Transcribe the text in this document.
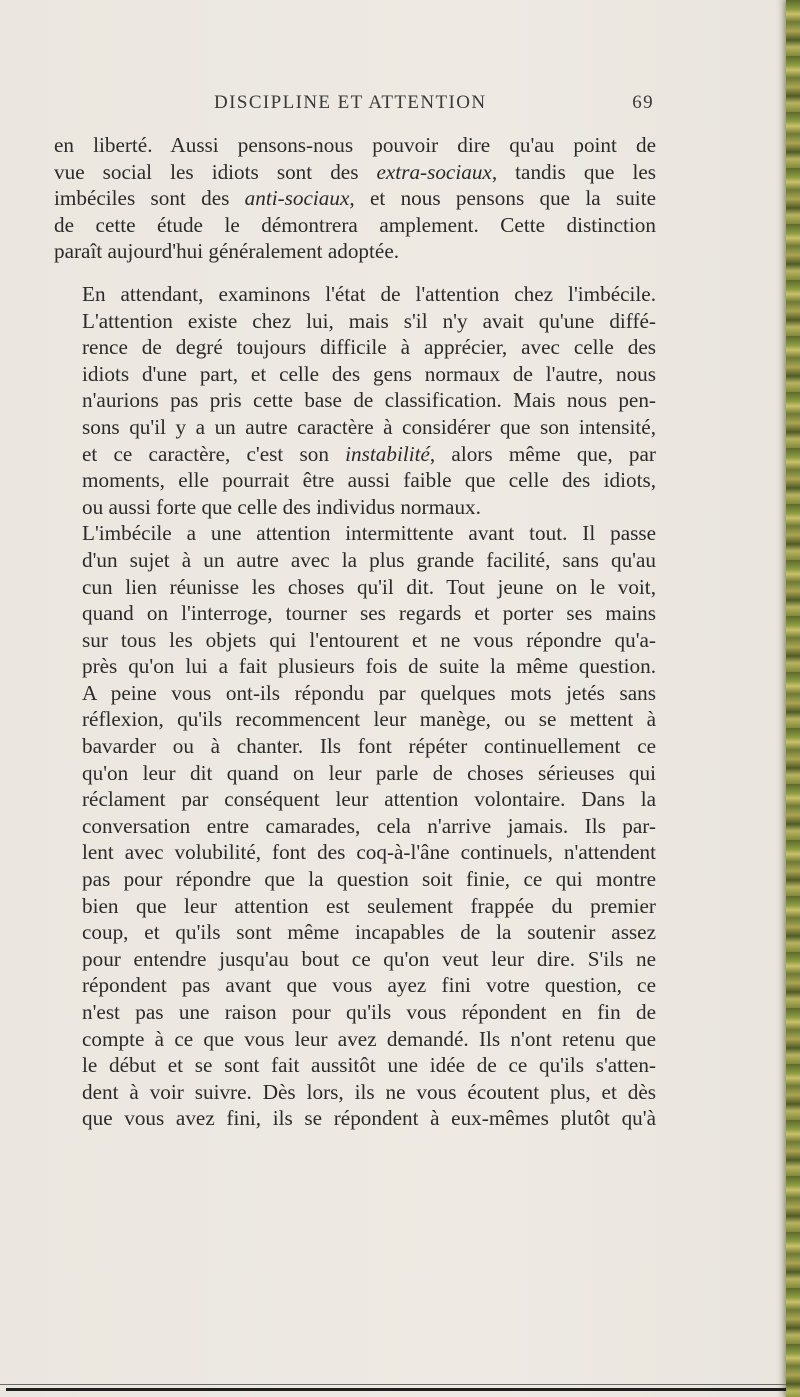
DISCIPLINE ET ATTENTION	69

en liberté. Aussi pensons-nous pouvoir dire qu'au point de
vue social les idiots sont des extra-sociaux, tandis que les
imbéciles sont des anti-sociaux, et nous pensons que la suite
de cette étude le démontrera amplement. Cette distinction
paraît aujourd'hui généralement adoptée.

En attendant, examinons l'état de l'attention chez l'imbécile.
L'attention existe chez lui, mais s'il n'y avait qu'une diffé-
rence de degré toujours difficile à apprécier, avec celle des
idiots d'une part, et celle des gens normaux de l'autre, nous
n'aurions pas pris cette base de classification. Mais nous pen-
sons qu'il y a un autre caractère à considérer que son intensité,
et ce caractère, c'est son instabilité, alors même que, par
moments, elle pourrait être aussi faible que celle des idiots,
ou aussi forte que celle des individus normaux.

L'imbécile a une attention intermittente avant tout. Il passe
d'un sujet à un autre avec la plus grande facilité, sans qu'au
cun lien réunisse les choses qu'il dit. Tout jeune on le voit,
quand on l'interroge, tourner ses regards et porter ses mains
sur tous les objets qui l'entourent et ne vous répondre qu'a-
près qu'on lui a fait plusieurs fois de suite la même question.
A peine vous ont-ils répondu par quelques mots jetés sans
réflexion, qu'ils recommencent leur manège, ou se mettent à
bavarder ou à chanter. Ils font répéter continuellement ce
qu'on leur dit quand on leur parle de choses sérieuses qui
réclament par conséquent leur attention volontaire. Dans la
conversation entre camarades, cela n'arrive jamais. Ils par-
lent avec volubilité, font des coq-à-l'âne continuels, n'attendent
pas pour répondre que la question soit finie, ce qui montre
bien que leur attention est seulement frappée du premier
coup, et qu'ils sont même incapables de la soutenir assez
pour entendre jusqu'au bout ce qu'on veut leur dire. S'ils ne
répondent pas avant que vous ayez fini votre question, ce
n'est pas une raison pour qu'ils vous répondent en fin de
compte à ce que vous leur avez demandé. Ils n'ont retenu que
le début et se sont fait aussitôt une idée de ce qu'ils s'atten-
dent à voir suivre. Dès lors, ils ne vous écoutent plus, et dès
que vous avez fini, ils se répondent à eux-mêmes plutôt qu'à
